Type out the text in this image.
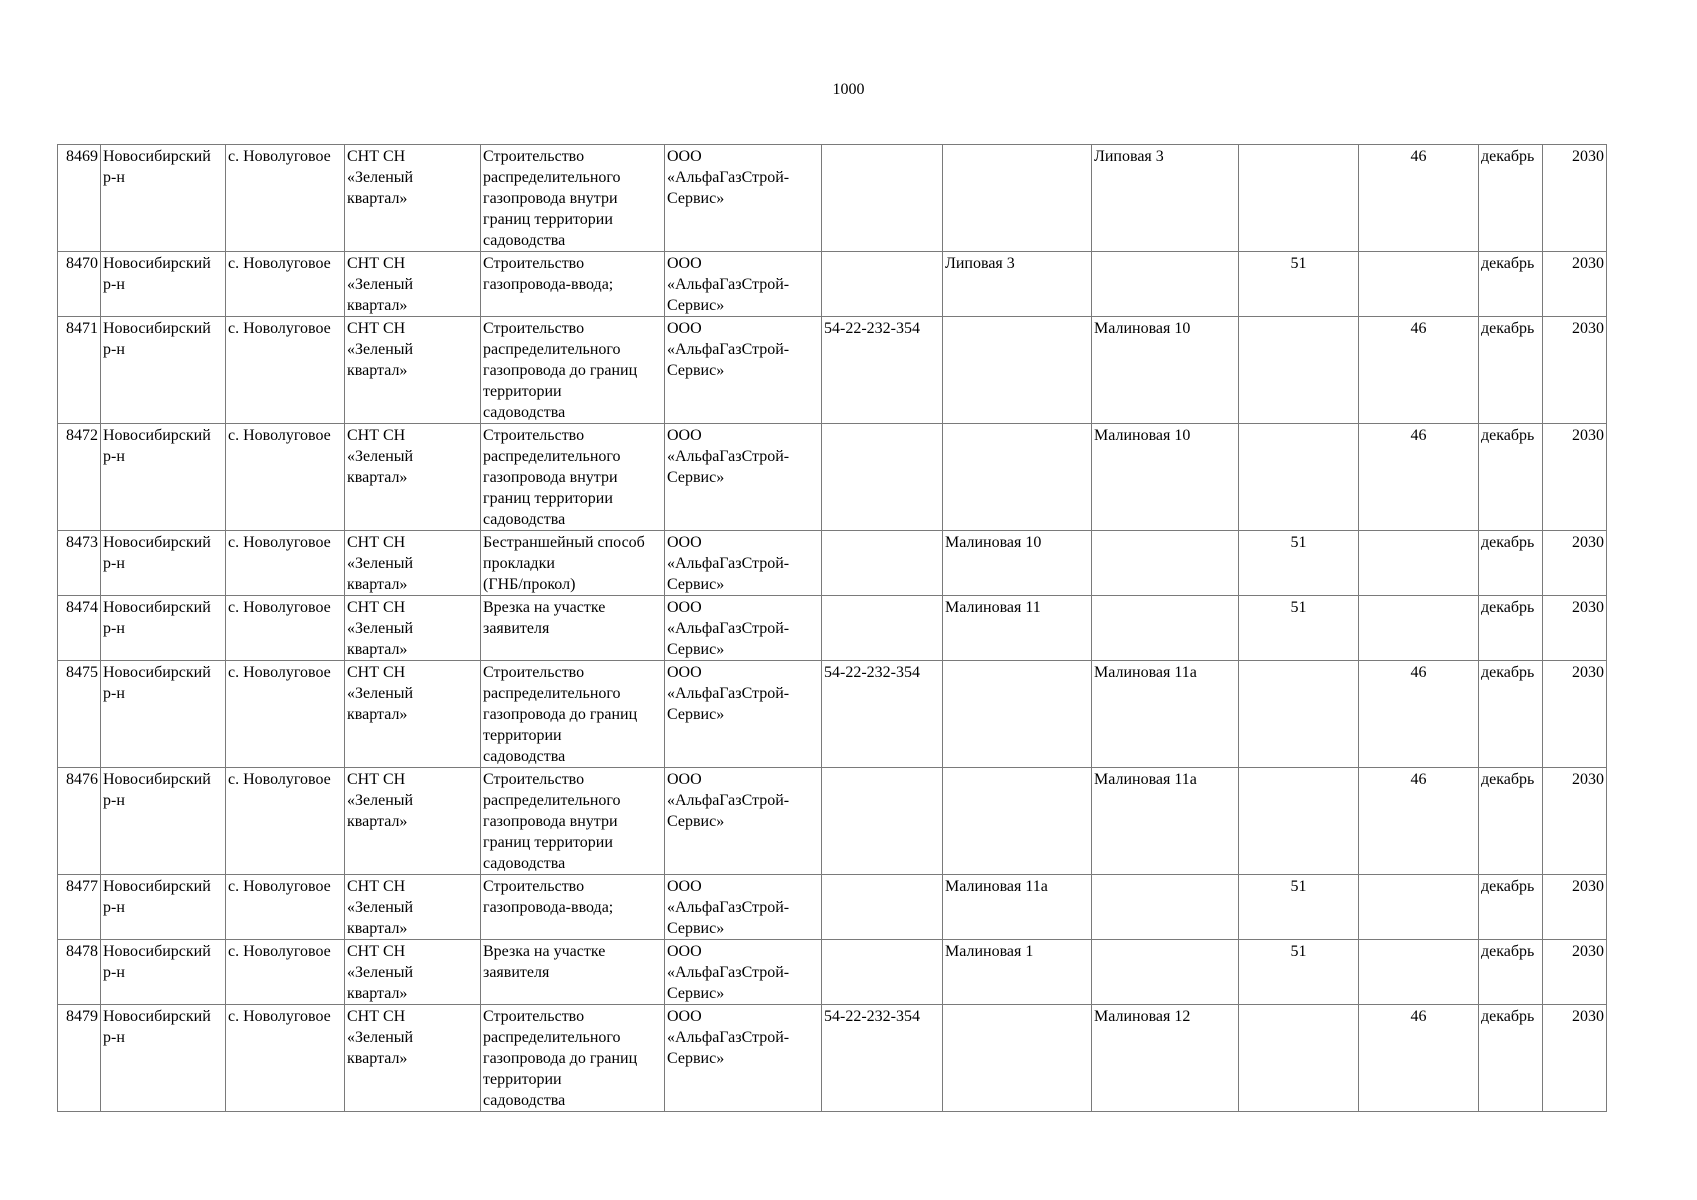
1000
8469	Новосибирский
р-н	с. Новолуговое	СНТ СН
«Зеленый
квартал»	Строительство
распределительного
газопровода внутри
границ территории
садоводства	ООО
«АльфаГазСтрой-
Сервис»			Липовая 3		46	декабрь	2030
8470	Новосибирский
р-н	с. Новолуговое	СНТ СН
«Зеленый
квартал»	Строительство
газопровода-ввода;	ООО
«АльфаГазСтрой-
Сервис»		Липовая 3		51		декабрь	2030
8471	Новосибирский
р-н	с. Новолуговое	СНТ СН
«Зеленый
квартал»	Строительство
распределительного
газопровода до границ
территории
садоводства	ООО
«АльфаГазСтрой-
Сервис»	54-22-232-354		Малиновая 10		46	декабрь	2030
8472	Новосибирский
р-н	с. Новолуговое	СНТ СН
«Зеленый
квартал»	Строительство
распределительного
газопровода внутри
границ территории
садоводства	ООО
«АльфаГазСтрой-
Сервис»			Малиновая 10		46	декабрь	2030
8473	Новосибирский
р-н	с. Новолуговое	СНТ СН
«Зеленый
квартал»	Бестраншейный способ
прокладки
(ГНБ/прокол)	ООО
«АльфаГазСтрой-
Сервис»		Малиновая 10		51		декабрь	2030
8474	Новосибирский
р-н	с. Новолуговое	СНТ СН
«Зеленый
квартал»	Врезка на участке
заявителя	ООО
«АльфаГазСтрой-
Сервис»		Малиновая 11		51		декабрь	2030
8475	Новосибирский
р-н	с. Новолуговое	СНТ СН
«Зеленый
квартал»	Строительство
распределительного
газопровода до границ
территории
садоводства	ООО
«АльфаГазСтрой-
Сервис»	54-22-232-354		Малиновая 11а		46	декабрь	2030
8476	Новосибирский
р-н	с. Новолуговое	СНТ СН
«Зеленый
квартал»	Строительство
распределительного
газопровода внутри
границ территории
садоводства	ООО
«АльфаГазСтрой-
Сервис»			Малиновая 11а		46	декабрь	2030
8477	Новосибирский
р-н	с. Новолуговое	СНТ СН
«Зеленый
квартал»	Строительство
газопровода-ввода;	ООО
«АльфаГазСтрой-
Сервис»		Малиновая 11а		51		декабрь	2030
8478	Новосибирский
р-н	с. Новолуговое	СНТ СН
«Зеленый
квартал»	Врезка на участке
заявителя	ООО
«АльфаГазСтрой-
Сервис»		Малиновая 1		51		декабрь	2030
8479	Новосибирский
р-н	с. Новолуговое	СНТ СН
«Зеленый
квартал»	Строительство
распределительного
газопровода до границ
территории
садоводства	ООО
«АльфаГазСтрой-
Сервис»	54-22-232-354		Малиновая 12		46	декабрь	2030
